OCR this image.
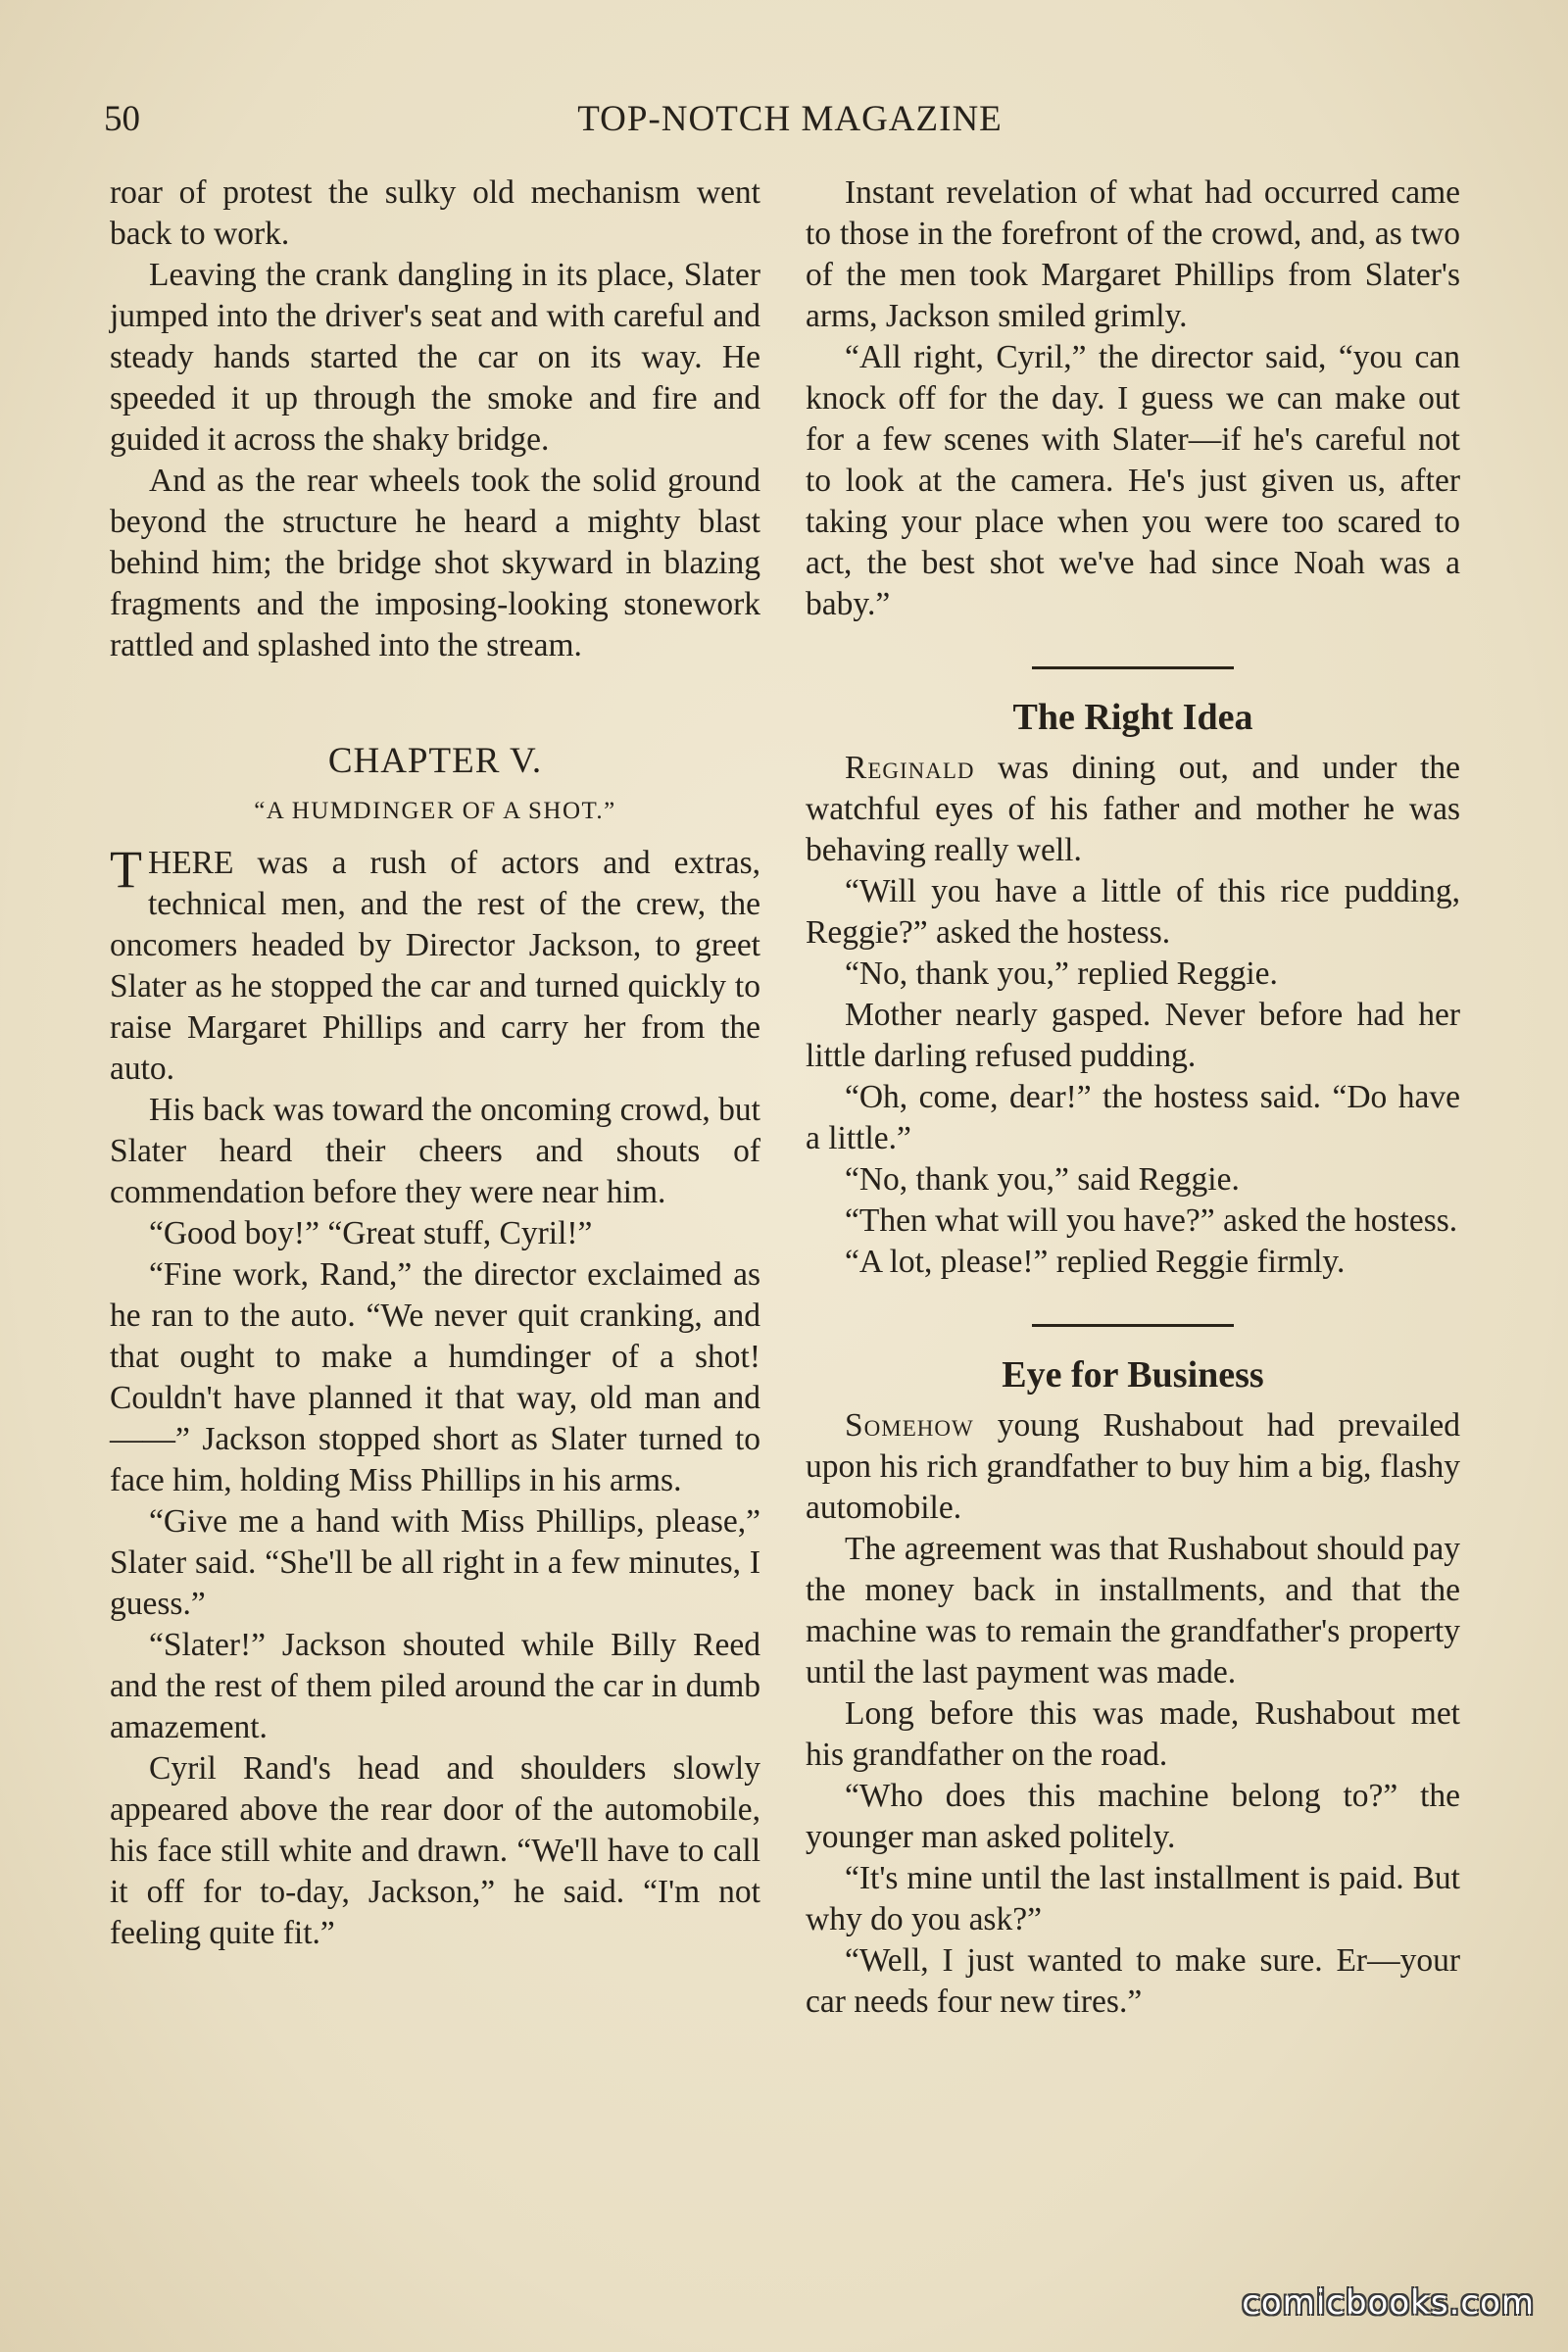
50	TOP-NOTCH MAGAZINE

roar of protest the sulky old mechanism went back to work.

Leaving the crank dangling in its place, Slater jumped into the driver's seat and with careful and steady hands started the car on its way. He speeded it up through the smoke and fire and guided it across the shaky bridge.

And as the rear wheels took the solid ground beyond the structure he heard a mighty blast behind him; the bridge shot skyward in blazing fragments and the imposing-looking stonework rattled and splashed into the stream.

CHAPTER V.
“A HUMDINGER OF A SHOT.”

THERE was a rush of actors and extras, technical men, and the rest of the crew, the oncomers headed by Director Jackson, to greet Slater as he stopped the car and turned quickly to raise Margaret Phillips and carry her from the auto.

His back was toward the oncoming crowd, but Slater heard their cheers and shouts of commendation before they were near him.

“Good boy!” “Great stuff, Cyril!”

“Fine work, Rand,” the director exclaimed as he ran to the auto. “We never quit cranking, and that ought to make a humdinger of a shot! Couldn't have planned it that way, old man and——” Jackson stopped short as Slater turned to face him, holding Miss Phillips in his arms.

“Give me a hand with Miss Phillips, please,” Slater said. “She'll be all right in a few minutes, I guess.”

“Slater!” Jackson shouted while Billy Reed and the rest of them piled around the car in dumb amazement.

Cyril Rand's head and shoulders slowly appeared above the rear door of the automobile, his face still white and drawn. “We'll have to call it off for to-day, Jackson,” he said. “I'm not feeling quite fit.”

Instant revelation of what had occurred came to those in the forefront of the crowd, and, as two of the men took Margaret Phillips from Slater's arms, Jackson smiled grimly.

“All right, Cyril,” the director said, “you can knock off for the day. I guess we can make out for a few scenes with Slater—if he's careful not to look at the camera. He's just given us, after taking your place when you were too scared to act, the best shot we've had since Noah was a baby.”

The Right Idea

Reginald was dining out, and under the watchful eyes of his father and mother he was behaving really well.

“Will you have a little of this rice pudding, Reggie?” asked the hostess.

“No, thank you,” replied Reggie.

Mother nearly gasped. Never before had her little darling refused pudding.

“Oh, come, dear!” the hostess said. “Do have a little.”

“No, thank you,” said Reggie.

“Then what will you have?” asked the hostess.

“A lot, please!” replied Reggie firmly.

Eye for Business

Somehow young Rushabout had prevailed upon his rich grandfather to buy him a big, flashy automobile.

The agreement was that Rushabout should pay the money back in installments, and that the machine was to remain the grandfather's property until the last payment was made.

Long before this was made, Rushabout met his grandfather on the road.

“Who does this machine belong to?” the younger man asked politely.

“It's mine until the last installment is paid. But why do you ask?”

“Well, I just wanted to make sure. Er—your car needs four new tires.”

comicbooks.com
